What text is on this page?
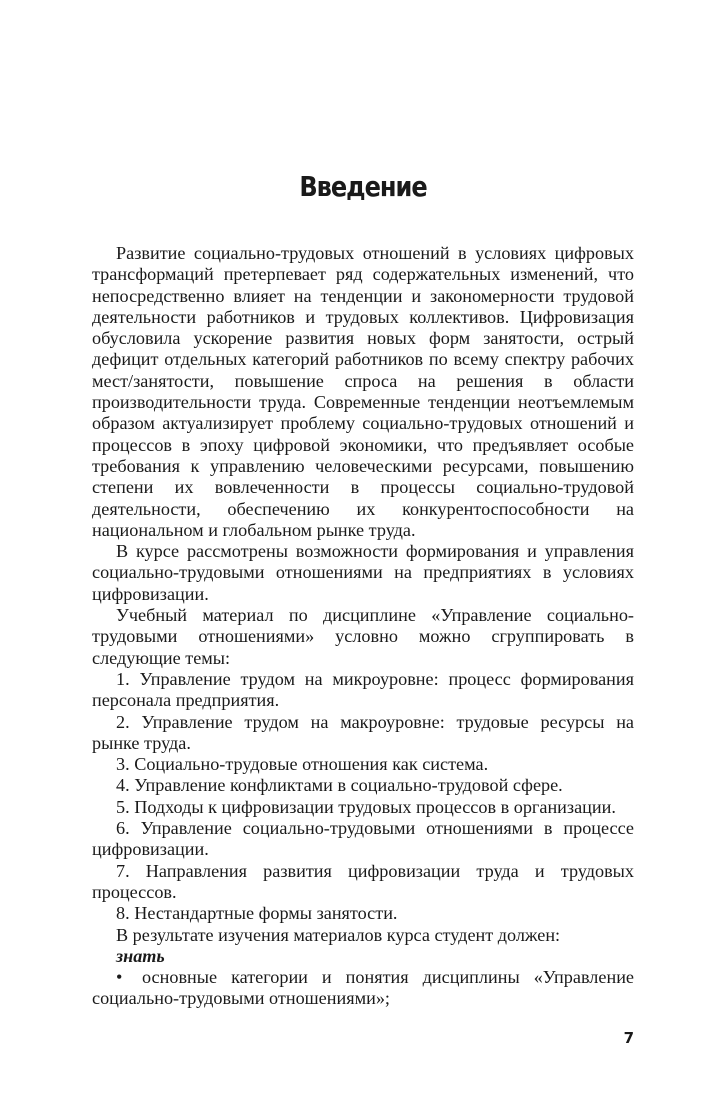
Введение

Развитие социально-трудовых отношений в условиях цифровых трансформаций претерпевает ряд содержательных изменений, что непосредственно влияет на тенденции и закономерности трудовой деятельности работников и трудовых коллективов. Цифровизация обусловила ускорение развития новых форм занятости, острый дефицит отдельных категорий работников по всему спектру рабочих мест/занятости, повышение спроса на решения в области производительности труда. Современные тенденции неотъемлемым образом актуализирует проблему социально-трудовых отношений и процессов в эпоху цифровой экономики, что предъявляет особые требования к управлению человеческими ресурсами, повышению степени их вовлеченности в процессы социально-трудовой деятельности, обеспечению их конкурентоспособности на национальном и глобальном рынке труда.

В курсе рассмотрены возможности формирования и управления социально-трудовыми отношениями на предприятиях в условиях цифровизации.

Учебный материал по дисциплине «Управление социально-трудовыми отношениями» условно можно сгруппировать в следующие темы:

1. Управление трудом на микроуровне: процесс формирования персонала предприятия.

2. Управление трудом на макроуровне: трудовые ресурсы на рынке труда.

3. Социально-трудовые отношения как система.

4. Управление конфликтами в социально-трудовой сфере.

5. Подходы к цифровизации трудовых процессов в организации.

6. Управление социально-трудовыми отношениями в процессе цифровизации.

7. Направления развития цифровизации труда и трудовых процессов.

8. Нестандартные формы занятости.

В результате изучения материалов курса студент должен:

знать

• основные категории и понятия дисциплины «Управление социально-трудовыми отношениями»;

7
